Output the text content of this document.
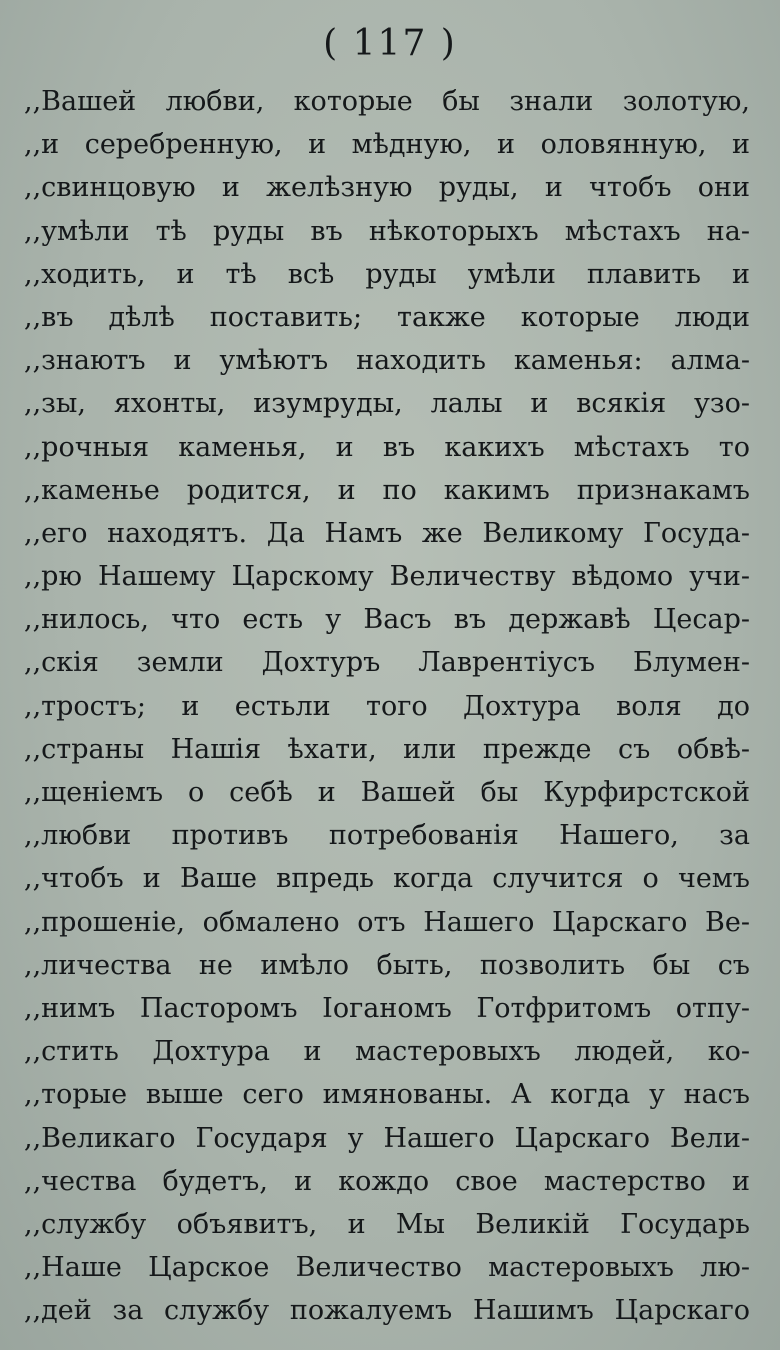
( 117 )
,,Вашей любви, которые бы знали золотую,
,,и серебренную, и мѣдную, и оловянную, и
,,свинцовую и желѣзную руды, и чтобъ они
,,умѣли тѣ руды въ нѣкоторыхъ мѣстахъ на-
,,ходить, и тѣ всѣ руды умѣли плавить и
,,въ дѣлѣ поставить; также которые люди
,,знаютъ и умѣютъ находить каменья: алма-
,,зы, яхонты, изумруды, лалы и всякія узо-
,,рочныя каменья, и въ какихъ мѣстахъ то
,,каменье родится, и по какимъ признакамъ
,,его находятъ. Да Намъ же Великому Госуда-
,,рю Нашему Царскому Величеству вѣдомо учи-
,,нилось, что есть у Васъ въ державѣ Цесар-
,,скія земли Дохтуръ Лаврентіусъ Блумен-
,,тростъ; и естьли того Дохтура воля до
,,страны Нашія ѣхати, или прежде съ обвѣ-
,,щеніемъ о себѣ и Вашей бы Курфирстской
,,любви противъ потребованія Нашего, за
,,чтобъ и Ваше впредь когда случится о чемъ
,,прошеніе, обмалено отъ Нашего Царскаго Ве-
,,личества не имѣло быть, позволить бы съ
,,нимъ Пасторомъ Іоганомъ Готфритомъ отпу-
,,стить Дохтура и мастеровыхъ людей, ко-
,,торые выше сего имянованы. А когда у насъ
,,Великаго Государя у Нашего Царскаго Вели-
,,чества будетъ, и кождо свое мастерство и
,,службу объявитъ, и Мы Великій Государь
,,Наше Царское Величество мастеровыхъ лю-
,,дей за службу пожалуемъ Нашимъ Царскаго
